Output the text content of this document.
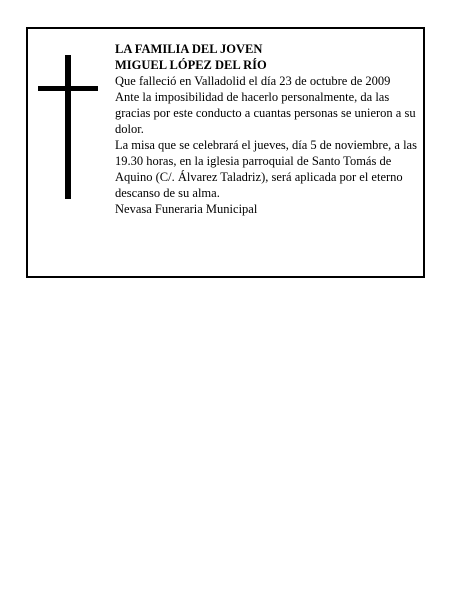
LA FAMILIA DEL JOVEN
MIGUEL LÓPEZ DEL RÍO

Que falleció en Valladolid el día 23 de octubre de 2009

Ante la imposibilidad de hacerlo personalmente, da las gracias por este conducto a cuantas personas se unieron a su dolor.

La misa que se celebrará el jueves, día 5 de noviembre, a las 19.30 horas, en la iglesia parroquial de Santo Tomás de Aquino (C/. Álvarez Taladriz), será aplicada por el eterno descanso de su alma.

Nevasa Funeraria Municipal
